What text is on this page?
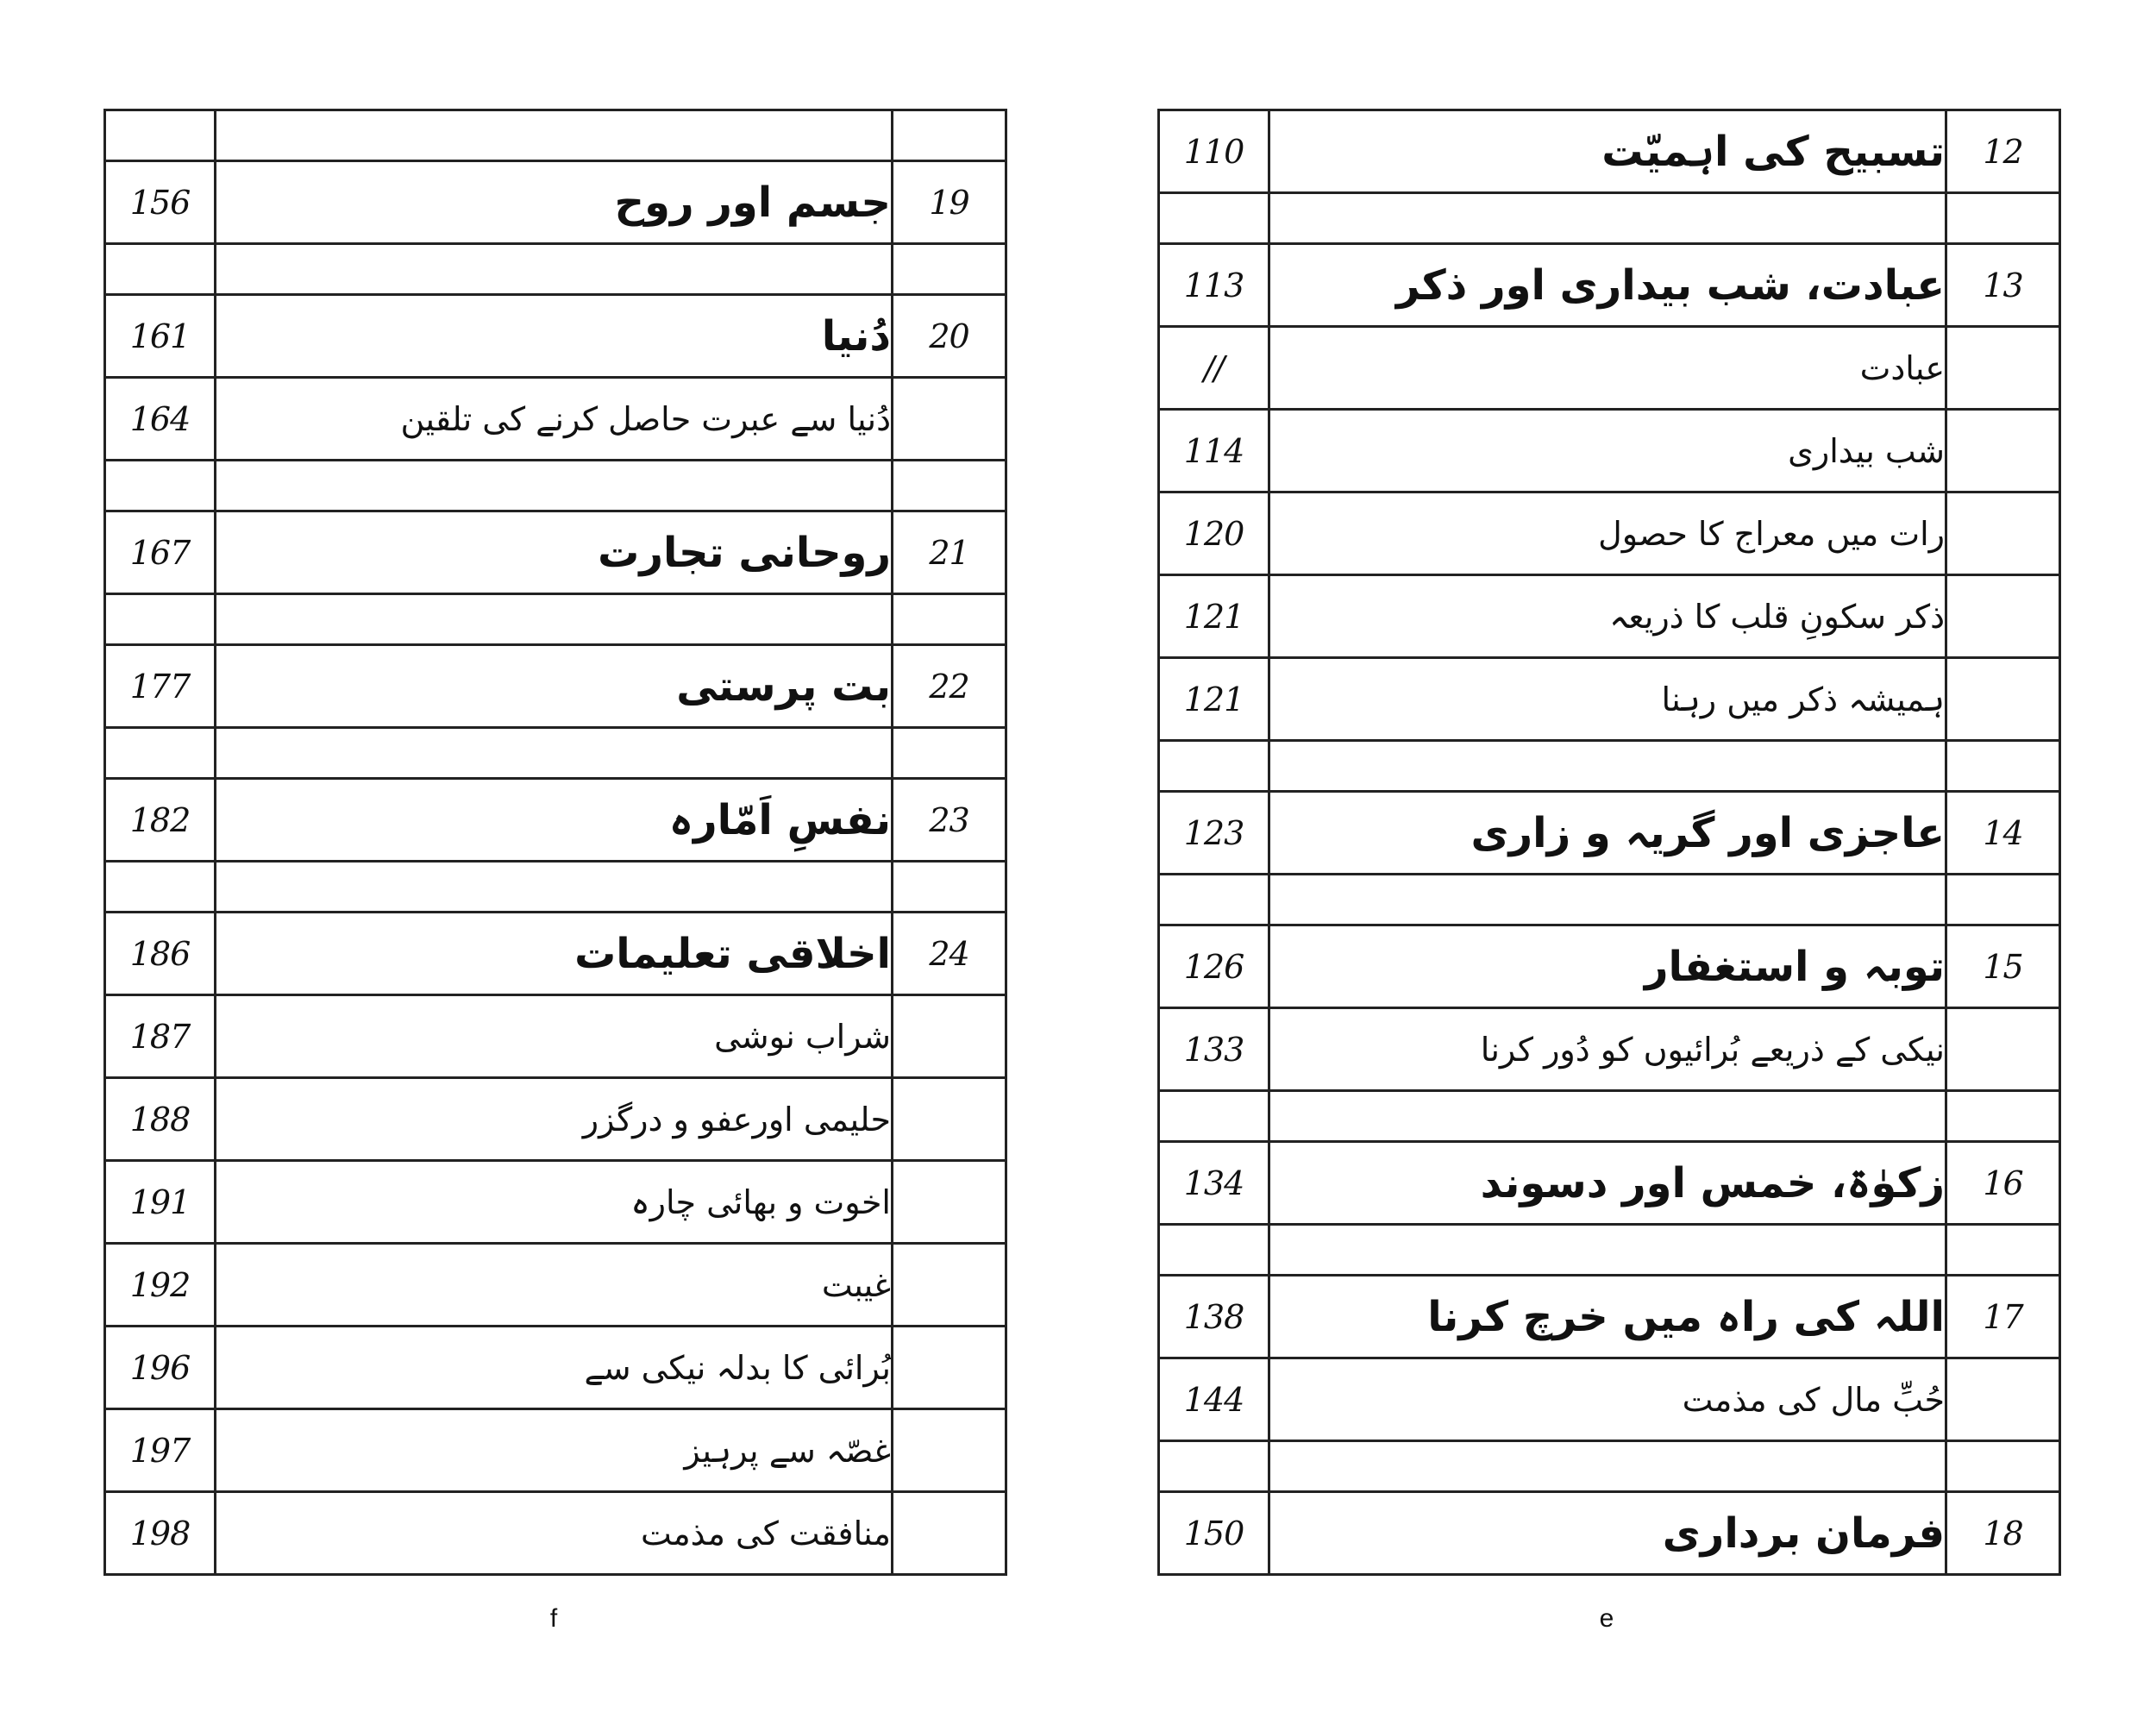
156	جسم اور روح	19

161	دُنیا	20
164	دُنیا سے عبرت حاصل کرنے کی تلقین	

167	روحانی تجارت	21

177	بت پرستی	22

182	نفسِ اَمّارہ	23

186	اخلاقی تعلیمات	24
187	شراب نوشی	
188	حلیمی اورعفو و درگزر	
191	اخوت و بھائی چارہ	
192	غیبت	
196	بُرائی کا بدلہ نیکی سے	
197	غصّہ سے پرہیز	
198	منافقت کی مذمت	
110	تسبیح کی اہمیّت	12

113	عبادت، شب بیداری اور ذکر	13
//	عبادت	
114	شب بیداری	
120	رات میں معراج کا حصول	
121	ذکر سکونِ قلب کا ذریعہ	
121	ہمیشہ ذکر میں رہنا	

123	عاجزی اور گریہ و زاری	14

126	توبہ و استغفار	15
133	نیکی کے ذریعے بُرائیوں کو دُور کرنا	

134	زکوٰۃ، خمس اور دسوند	16

138	اللہ کی راہ میں خرچ کرنا	17
144	حُبِّ مال کی مذمت	

150	فرمان برداری	18
f	e
